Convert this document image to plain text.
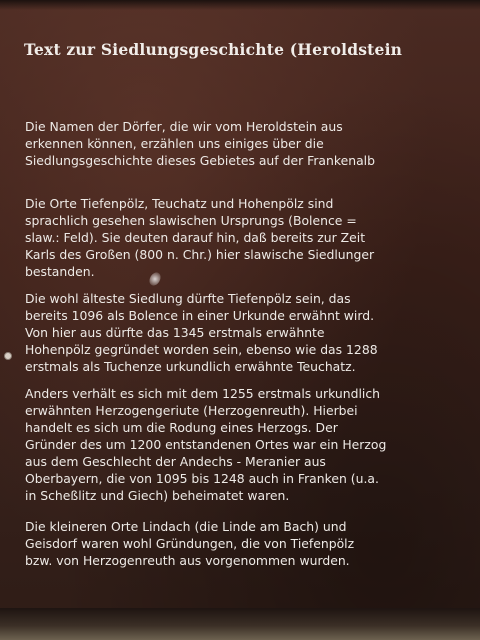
Text zur Siedlungsgeschichte (Heroldstein

Die Namen der Dörfer, die wir vom Heroldstein aus
erkennen können, erzählen uns einiges über die
Siedlungsgeschichte dieses Gebietes auf der Frankenalb

Die Orte Tiefenpölz, Teuchatz und Hohenpölz sind
sprachlich gesehen slawischen Ursprungs (Bolence =
slaw.: Feld). Sie deuten darauf hin, daß bereits zur Zeit
Karls des Großen (800 n. Chr.) hier slawische Siedlunger
bestanden.

Die wohl älteste Siedlung dürfte Tiefenpölz sein, das
bereits 1096 als Bolence in einer Urkunde erwähnt wird.
Von hier aus dürfte das 1345 erstmals erwähnte
Hohenpölz gegründet worden sein, ebenso wie das 1288
erstmals als Tuchenze urkundlich erwähnte Teuchatz.

Anders verhält es sich mit dem 1255 erstmals urkundlich
erwähnten Herzogengeriute (Herzogenreuth). Hierbei
handelt es sich um die Rodung eines Herzogs. Der
Gründer des um 1200 entstandenen Ortes war ein Herzog
aus dem Geschlecht der Andechs - Meranier aus
Oberbayern, die von 1095 bis 1248 auch in Franken (u.a.
in Scheßlitz und Giech) beheimatet waren.

Die kleineren Orte Lindach (die Linde am Bach) und
Geisdorf waren wohl Gründungen, die von Tiefenpölz
bzw. von Herzogenreuth aus vorgenommen wurden.
